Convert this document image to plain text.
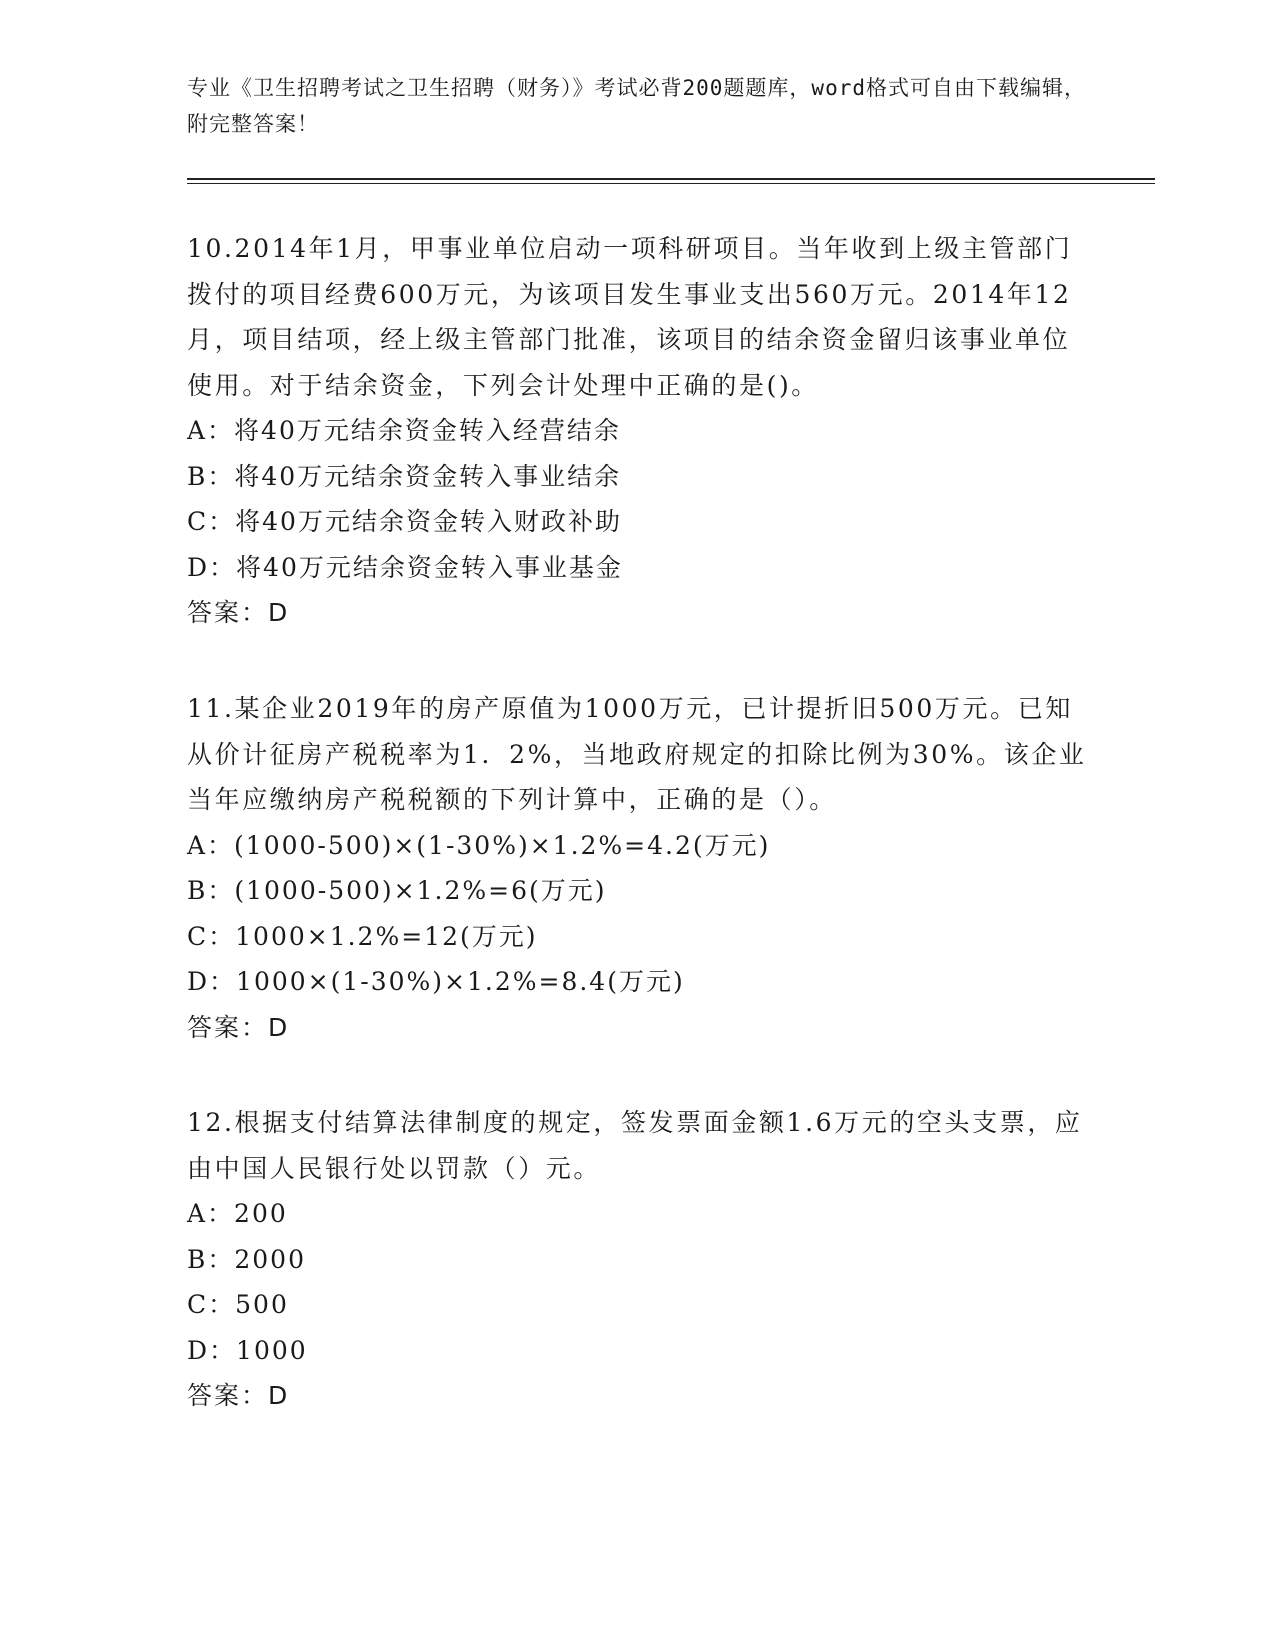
专业《卫生招聘考试之卫生招聘（财务）》考试必背200题题库，word格式可自由下载编辑，附完整答案！

10.2014年1月，甲事业单位启动一项科研项目。当年收到上级主管部门拨付的项目经费600万元，为该项目发生事业支出560万元。2014年12月，项目结项，经上级主管部门批准，该项目的结余资金留归该事业单位使用。对于结余资金，下列会计处理中正确的是()。

A：将40万元结余资金转入经营结余

B：将40万元结余资金转入事业结余

C：将40万元结余资金转入财政补助

D：将40万元结余资金转入事业基金

答案：D

11.某企业2019年的房产原值为1000万元，已计提折旧500万元。已知从价计征房产税税率为1．2%，当地政府规定的扣除比例为30%。该企业当年应缴纳房产税税额的下列计算中，正确的是（）。

A：(1000-500)×(1-30%)×1.2%=4.2(万元)

B：(1000-500)×1.2%=6(万元)

C：1000×1.2%=12(万元)

D：1000×(1-30%)×1.2%=8.4(万元)

答案：D

12.根据支付结算法律制度的规定，签发票面金额1.6万元的空头支票，应由中国人民银行处以罚款（）元。

A：200

B：2000

C：500

D：1000

答案：D
